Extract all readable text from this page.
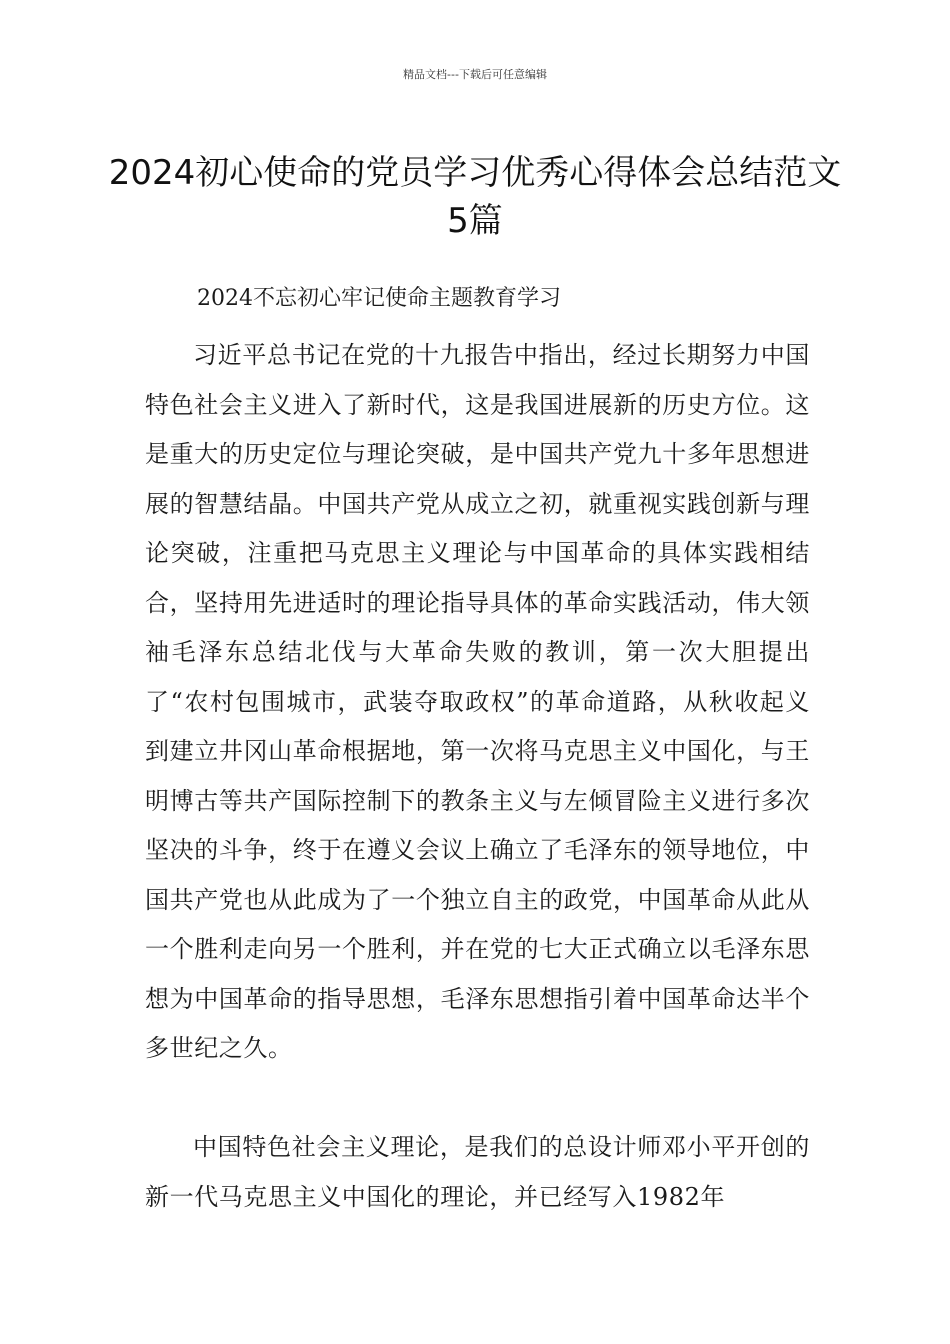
精品文档---下载后可任意编辑
2024初心使命的党员学习优秀心得体会总结范文5篇
2024不忘初心牢记使命主题教育学习

习近平总书记在党的十九报告中指出，经过长期努力中国特色社会主义进入了新时代，这是我国进展新的历史方位。这是重大的历史定位与理论突破，是中国共产党九十多年思想进展的智慧结晶。中国共产党从成立之初，就重视实践创新与理论突破，注重把马克思主义理论与中国革命的具体实践相结合，坚持用先进适时的理论指导具体的革命实践活动，伟大领袖毛泽东总结北伐与大革命失败的教训，第一次大胆提出了“农村包围城市，武装夺取政权”的革命道路，从秋收起义到建立井冈山革命根据地，第一次将马克思主义中国化，与王明博古等共产国际控制下的教条主义与左倾冒险主义进行多次坚决的斗争，终于在遵义会议上确立了毛泽东的领导地位，中国共产党也从此成为了一个独立自主的政党，中国革命从此从一个胜利走向另一个胜利，并在党的七大正式确立以毛泽东思想为中国革命的指导思想，毛泽东思想指引着中国革命达半个多世纪之久。

中国特色社会主义理论，是我们的总设计师邓小平开创的新一代马克思主义中国化的理论，并已经写入1982年
